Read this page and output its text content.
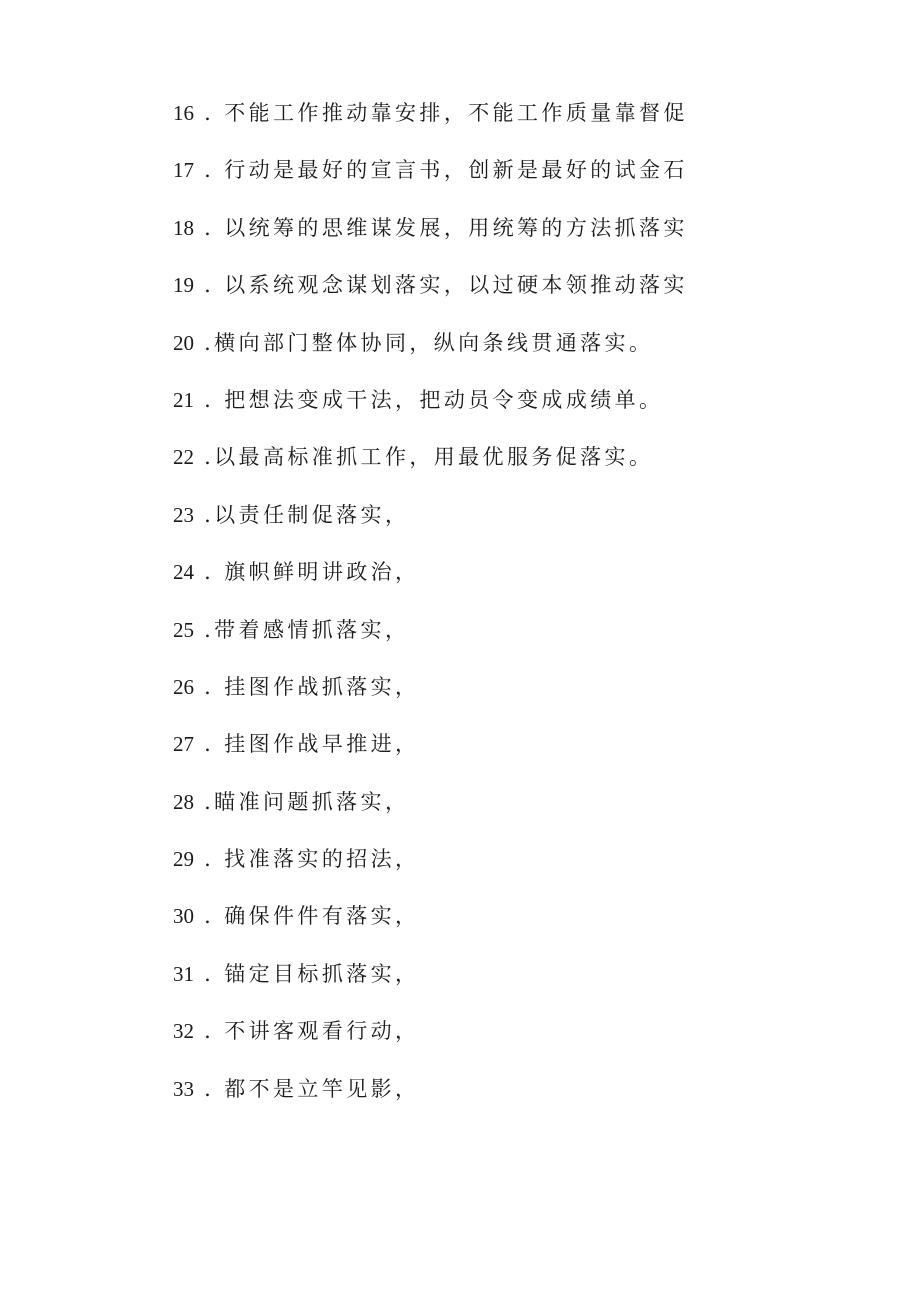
16 . 不能工作推动靠安排，不能工作质量靠督促
17 . 行动是最好的宣言书，创新是最好的试金石
18 . 以统筹的思维谋发展，用统筹的方法抓落实
19 . 以系统观念谋划落实，以过硬本领推动落实
20 .横向部门整体协同，纵向条线贯通落实。
21 . 把想法变成干法，把动员令变成成绩单。
22 .以最高标准抓工作，用最优服务促落实。
23 .以责任制促落实，
24 . 旗帜鲜明讲政治，
25 .带着感情抓落实，
26 . 挂图作战抓落实，
27 . 挂图作战早推进，
28 .瞄准问题抓落实，
29 . 找准落实的招法，
30 . 确保件件有落实，
31 . 锚定目标抓落实，
32 . 不讲客观看行动，
33 . 都不是立竿见影，
